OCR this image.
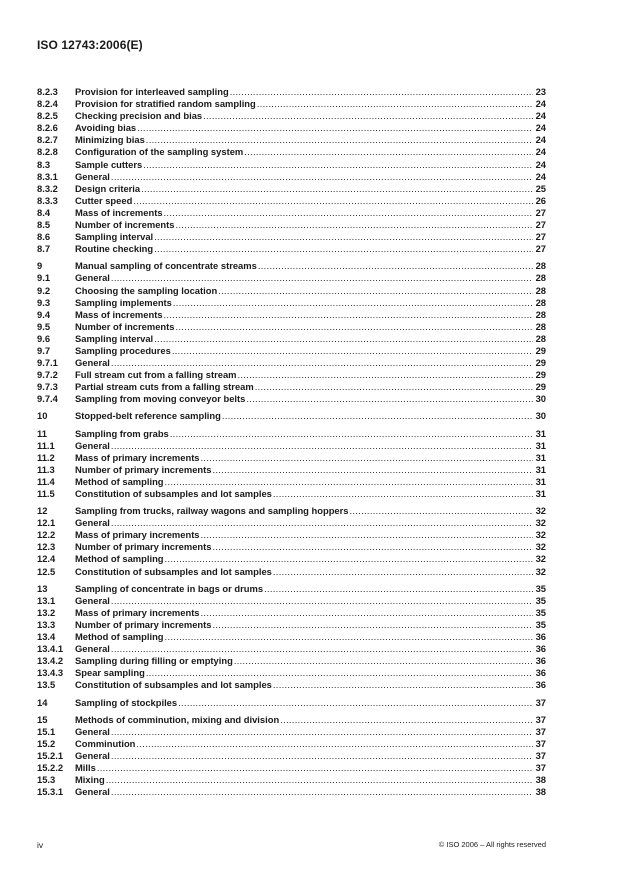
ISO 12743:2006(E)
8.2.3	Provision for interleaved sampling .....	23
8.2.4	Provision for stratified random sampling .....	24
8.2.5	Checking precision and bias .....	24
8.2.6	Avoiding bias .....	24
8.2.7	Minimizing bias .....	24
8.2.8	Configuration of the sampling system .....	24
8.3	Sample cutters .....	24
8.3.1	General .....	24
8.3.2	Design criteria .....	25
8.3.3	Cutter speed .....	26
8.4	Mass of increments .....	27
8.5	Number of increments .....	27
8.6	Sampling interval .....	27
8.7	Routine checking .....	27
9	Manual sampling of concentrate streams .....	28
9.1	General .....	28
9.2	Choosing the sampling location .....	28
9.3	Sampling implements .....	28
9.4	Mass of increments .....	28
9.5	Number of increments .....	28
9.6	Sampling interval .....	28
9.7	Sampling procedures .....	29
9.7.1	General .....	29
9.7.2	Full stream cut from a falling stream .....	29
9.7.3	Partial stream cuts from a falling stream .....	29
9.7.4	Sampling from moving conveyor belts .....	30
10	Stopped-belt reference sampling .....	30
11	Sampling from grabs .....	31
11.1	General .....	31
11.2	Mass of primary increments .....	31
11.3	Number of primary increments .....	31
11.4	Method of sampling .....	31
11.5	Constitution of subsamples and lot samples .....	31
12	Sampling from trucks, railway wagons and sampling hoppers .....	32
12.1	General .....	32
12.2	Mass of primary increments .....	32
12.3	Number of primary increments .....	32
12.4	Method of sampling .....	32
12.5	Constitution of subsamples and lot samples .....	32
13	Sampling of concentrate in bags or drums .....	35
13.1	General .....	35
13.2	Mass of primary increments .....	35
13.3	Number of primary increments .....	35
13.4	Method of sampling .....	36
13.4.1	General .....	36
13.4.2	Sampling during filling or emptying .....	36
13.4.3	Spear sampling .....	36
13.5	Constitution of subsamples and lot samples .....	36
14	Sampling of stockpiles .....	37
15	Methods of comminution, mixing and division .....	37
15.1	General .....	37
15.2	Comminution .....	37
15.2.1	General .....	37
15.2.2	Mills .....	37
15.3	Mixing .....	38
15.3.1	General .....	38
iv	© ISO 2006 – All rights reserved
